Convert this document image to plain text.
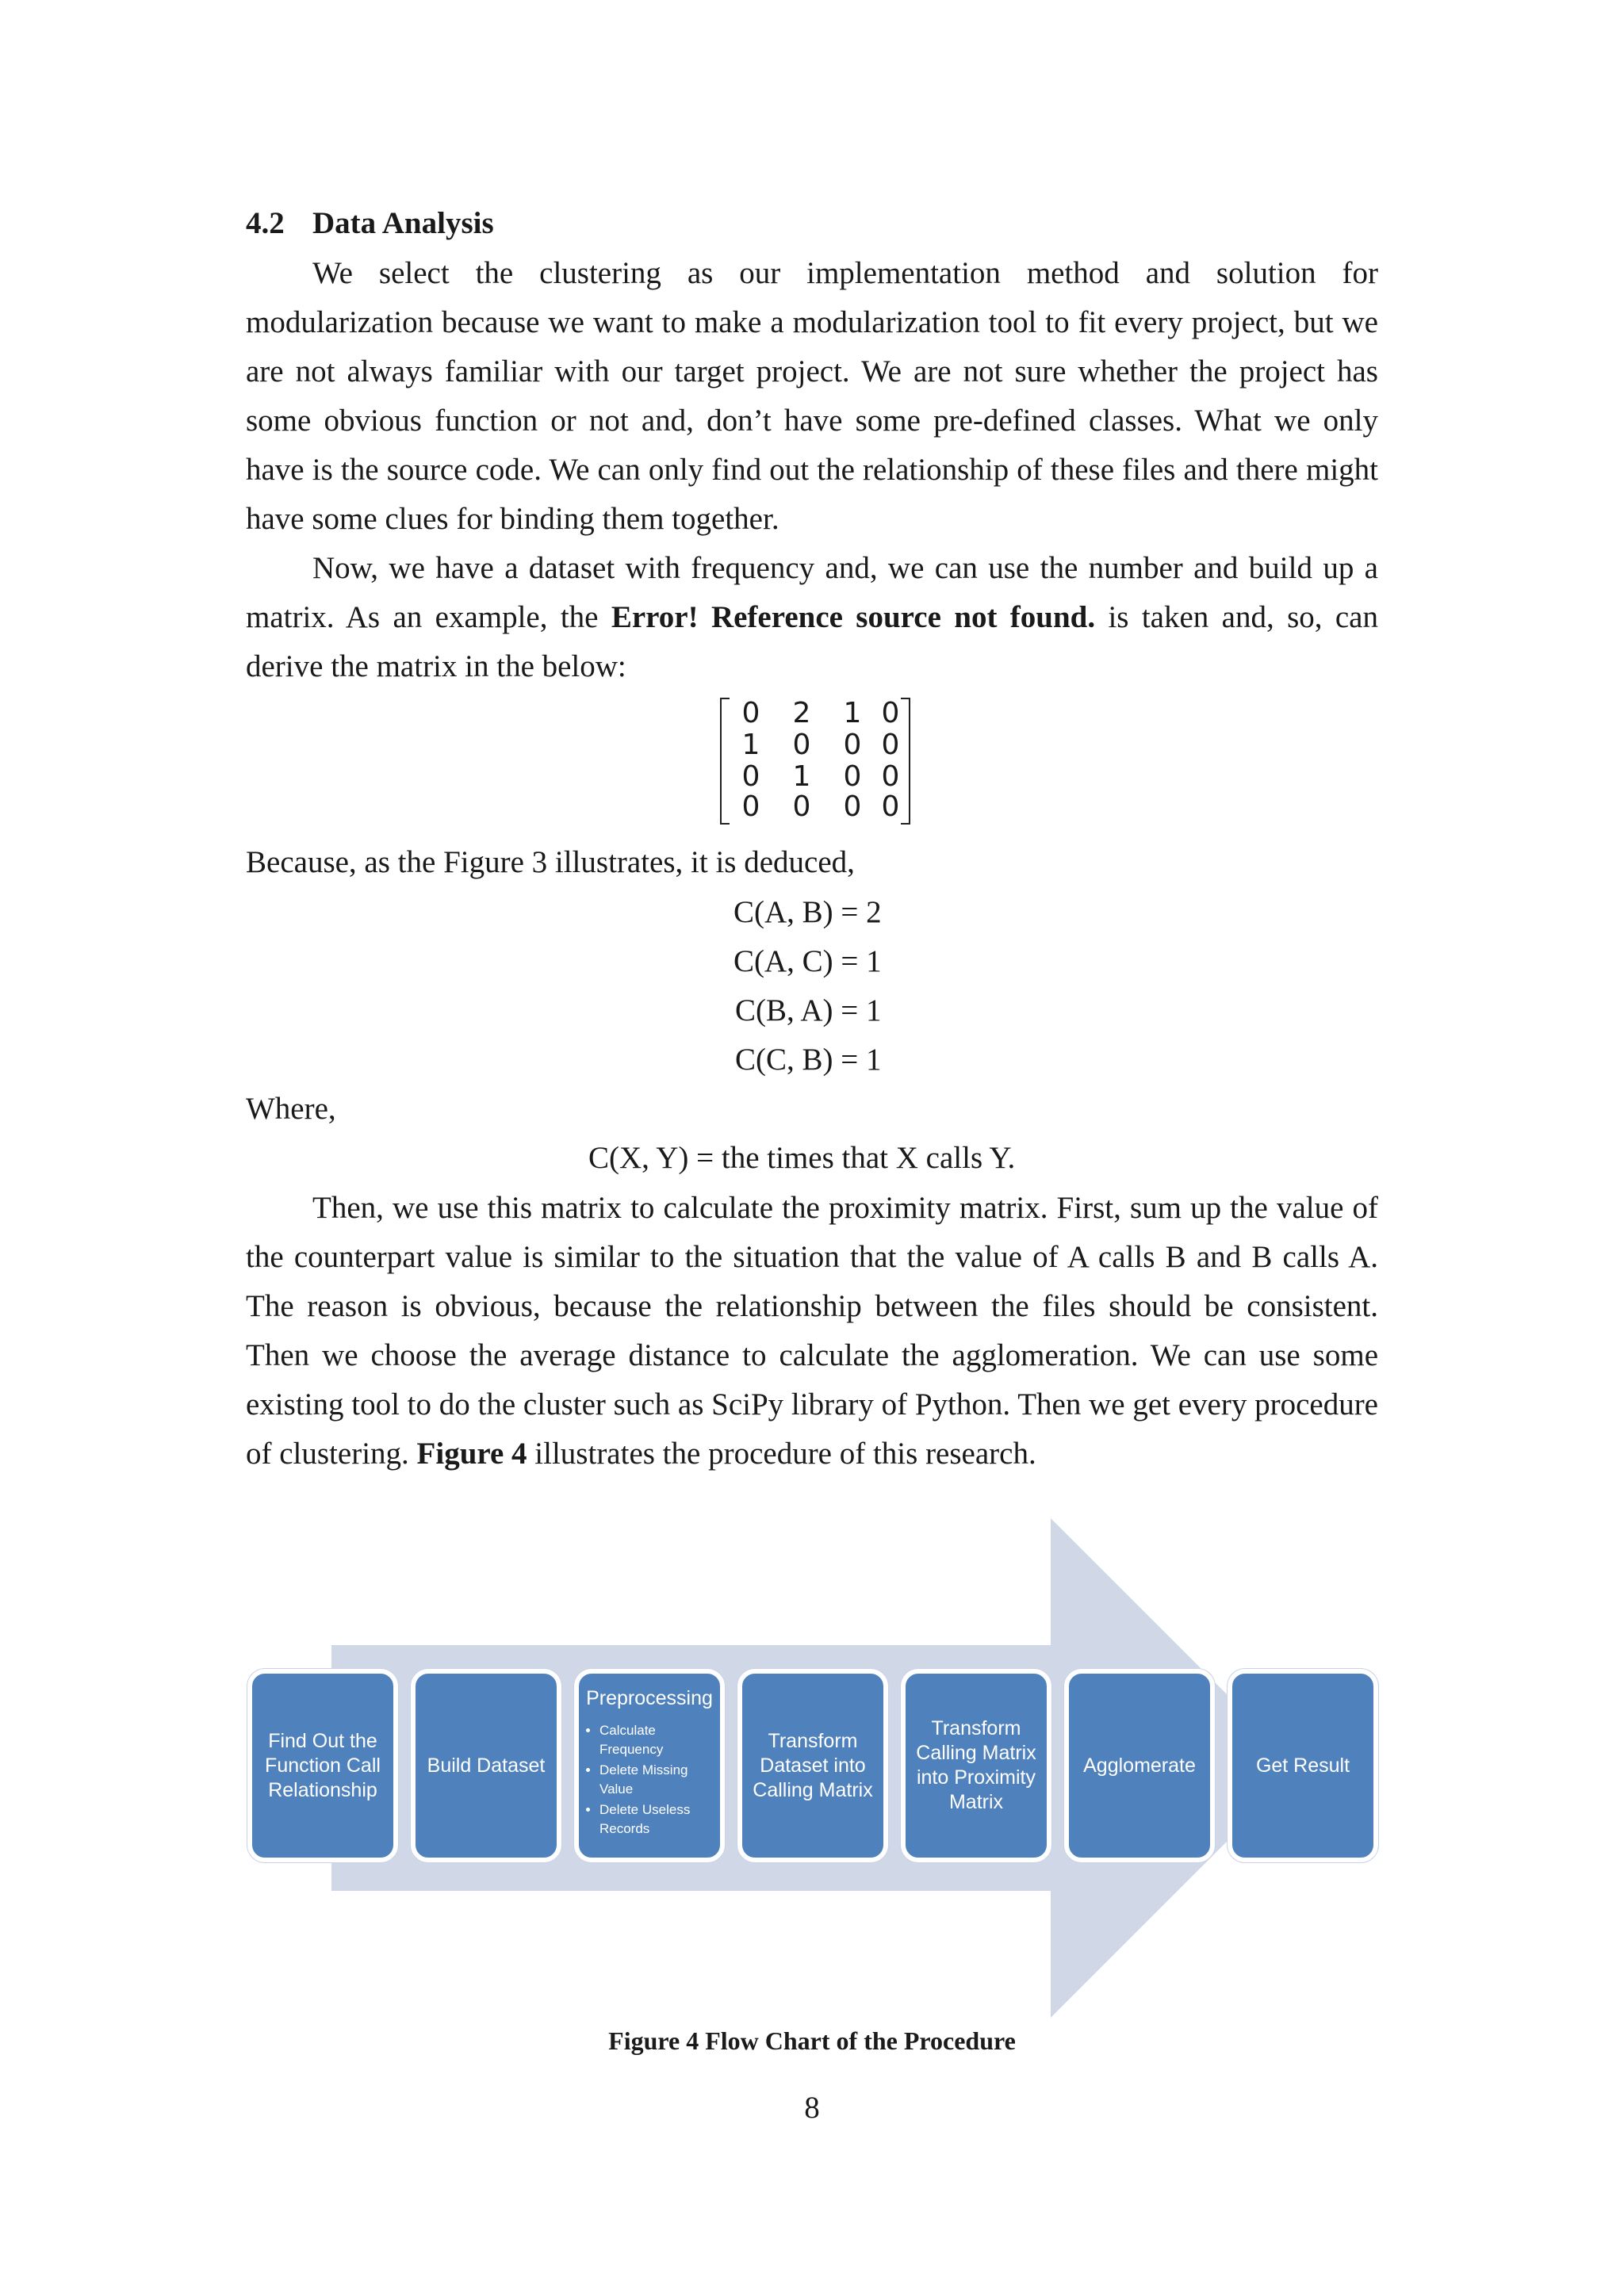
4.2 Data Analysis

We select the clustering as our implementation method and solution for modularization because we want to make a modularization tool to fit every project, but we are not always familiar with our target project. We are not sure whether the project has some obvious function or not and, don’t have some pre-defined classes. What we only have is the source code. We can only find out the relationship of these files and there might have some clues for binding them together.

Now, we have a dataset with frequency and, we can use the number and build up a matrix. As an example, the Error! Reference source not found. is taken and, so, can derive the matrix in the below:

0	2	1 0
1	0	0 0
0	1	0 0
0	0	0 0
Because, as the Figure 3 illustrates, it is deduced,
C(A, B) = 2
C(A, C) = 1
C(B, A) = 1
C(C, B) = 1
Where,
C(X, Y) = the times that X calls Y.

Then, we use this matrix to calculate the proximity matrix. First, sum up the value of the counterpart value is similar to the situation that the value of A calls B and B calls A. The reason is obvious, because the relationship between the files should be consistent. Then we choose the average distance to calculate the agglomeration. We can use some existing tool to do the cluster such as SciPy library of Python. Then we get every procedure of clustering. Figure 4 illustrates the procedure of this research.

Find Out the Function Call Relationship
Build Dataset
Preprocessing
• Calculate Frequency
• Delete Missing Value
• Delete Useless Records
Transform Dataset into Calling Matrix
Transform Calling Matrix into Proximity Matrix
Agglomerate	Get Result
Figure 4 Flow Chart of the Procedure
8
